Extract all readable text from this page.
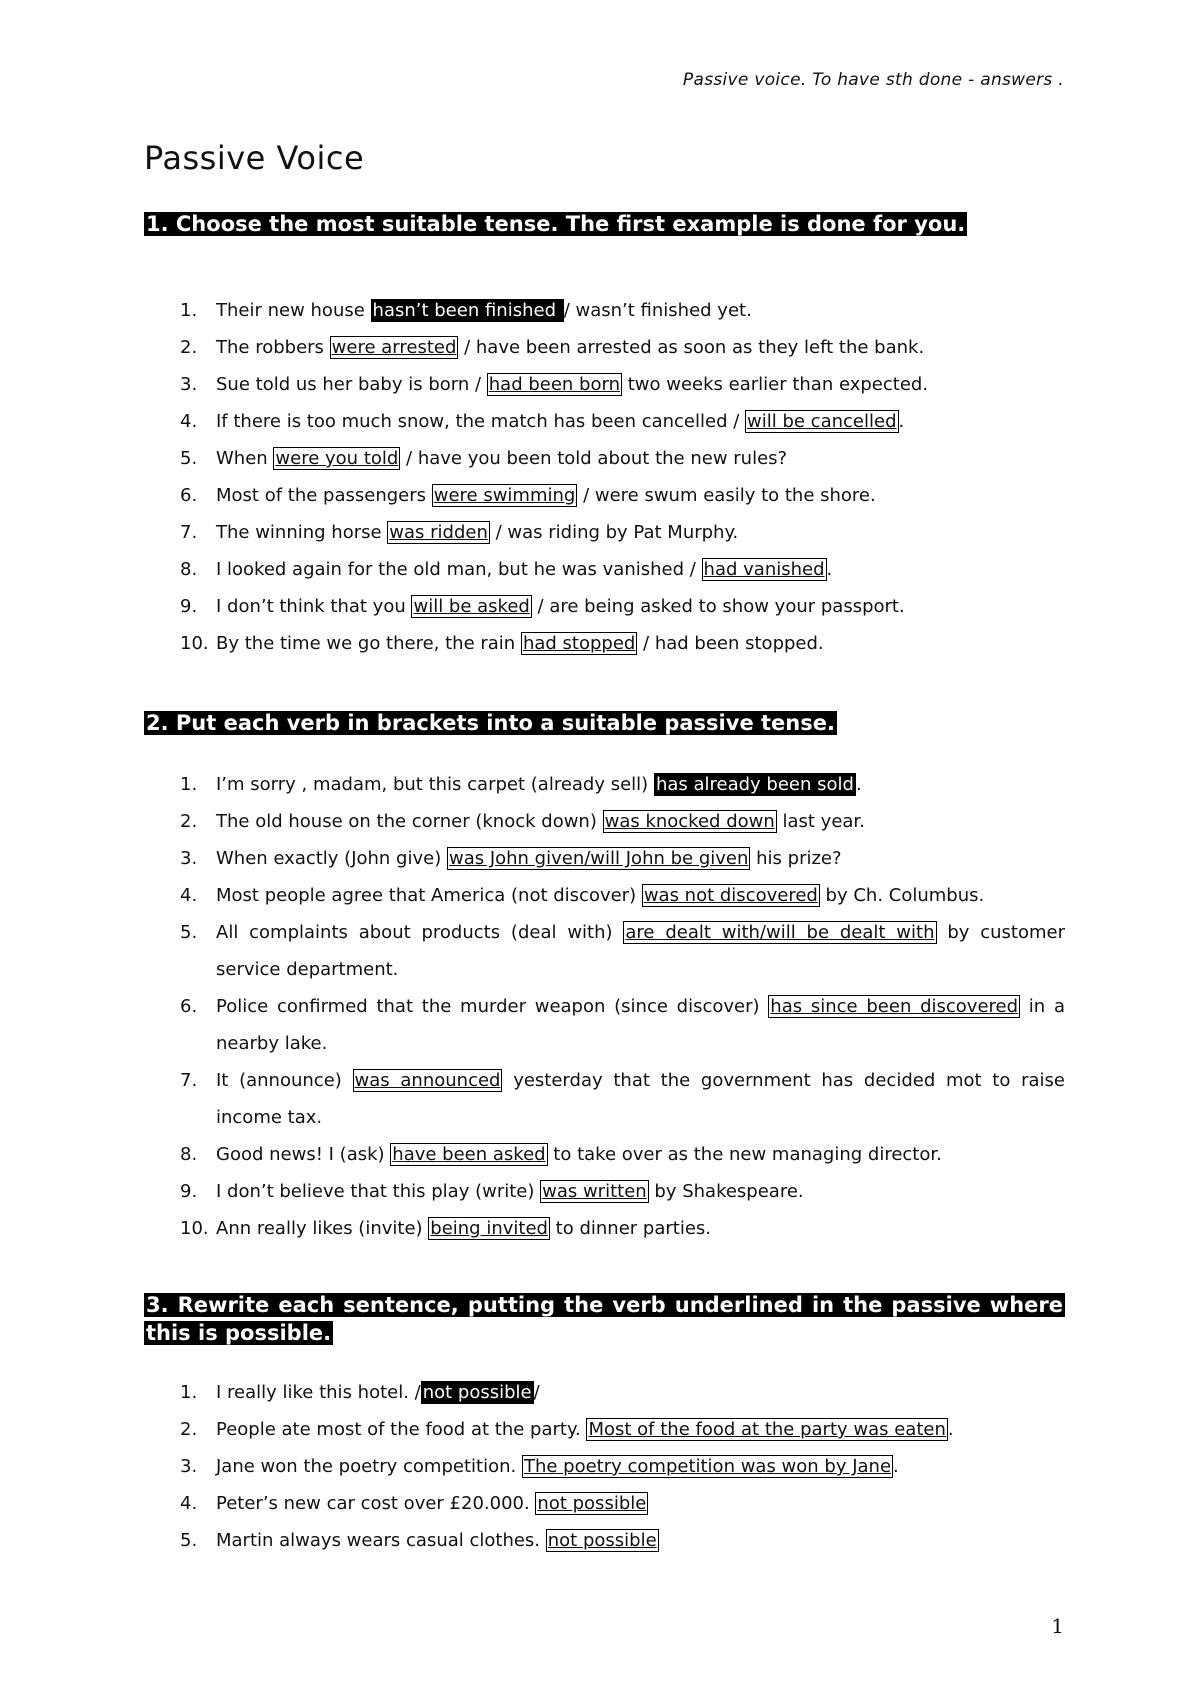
Passive voice. To have sth done - answers .
Passive Voice
1. Choose the most suitable tense. The first example is done for you.
1.	Their new house hasn’t been finished / wasn’t finished yet.
2.	The robbers were arrested / have been arrested as soon as they left the bank.
3.	Sue told us her baby is born / had been born two weeks earlier than expected.
4.	If there is too much snow, the match has been cancelled / will be cancelled .
5.	When were you told / have you been told about the new rules?
6.	Most of the passengers were swimming / were swum easily to the shore.
7.	The winning horse was ridden / was riding by Pat Murphy.
8.	I looked again for the old man, but he was vanished / had vanished .
9.	I don’t think that you will be asked / are being asked to show your passport.
10. By the time we go there, the rain had stopped / had been stopped.
2. Put each verb in brackets into a suitable passive tense.
1.	I’m sorry , madam, but this carpet (already sell) has already been sold .
2.	The old house on the corner (knock down) was knocked down last year.
3.	When exactly (John give) was John given/will John be given his prize?
4.	Most people agree that America (not discover) was not discovered by Ch. Columbus.
5.	All complaints about products (deal with) are dealt with/will be dealt with by customer service department.
6.	Police confirmed that the murder weapon (since discover) has since been discovered in a nearby lake.
7.	It (announce) was announced yesterday that the government has decided mot to raise income tax.
8.	Good news! I (ask) have been asked to take over as the new managing director.
9.	I don’t believe that this play (write) was written by Shakespeare.
10. Ann really likes (invite) being invited to dinner parties.
3. Rewrite each sentence, putting the verb underlined in the passive where this is possible.
1.	I really like this hotel. / not possible /
2.	People ate most of the food at the party. Most of the food at the party was eaten .
3.	Jane won the poetry competition. The poetry competition was won by Jane .
4.	Peter’s new car cost over £20.000. not possible
5.	Martin always wears casual clothes. not possible
1
